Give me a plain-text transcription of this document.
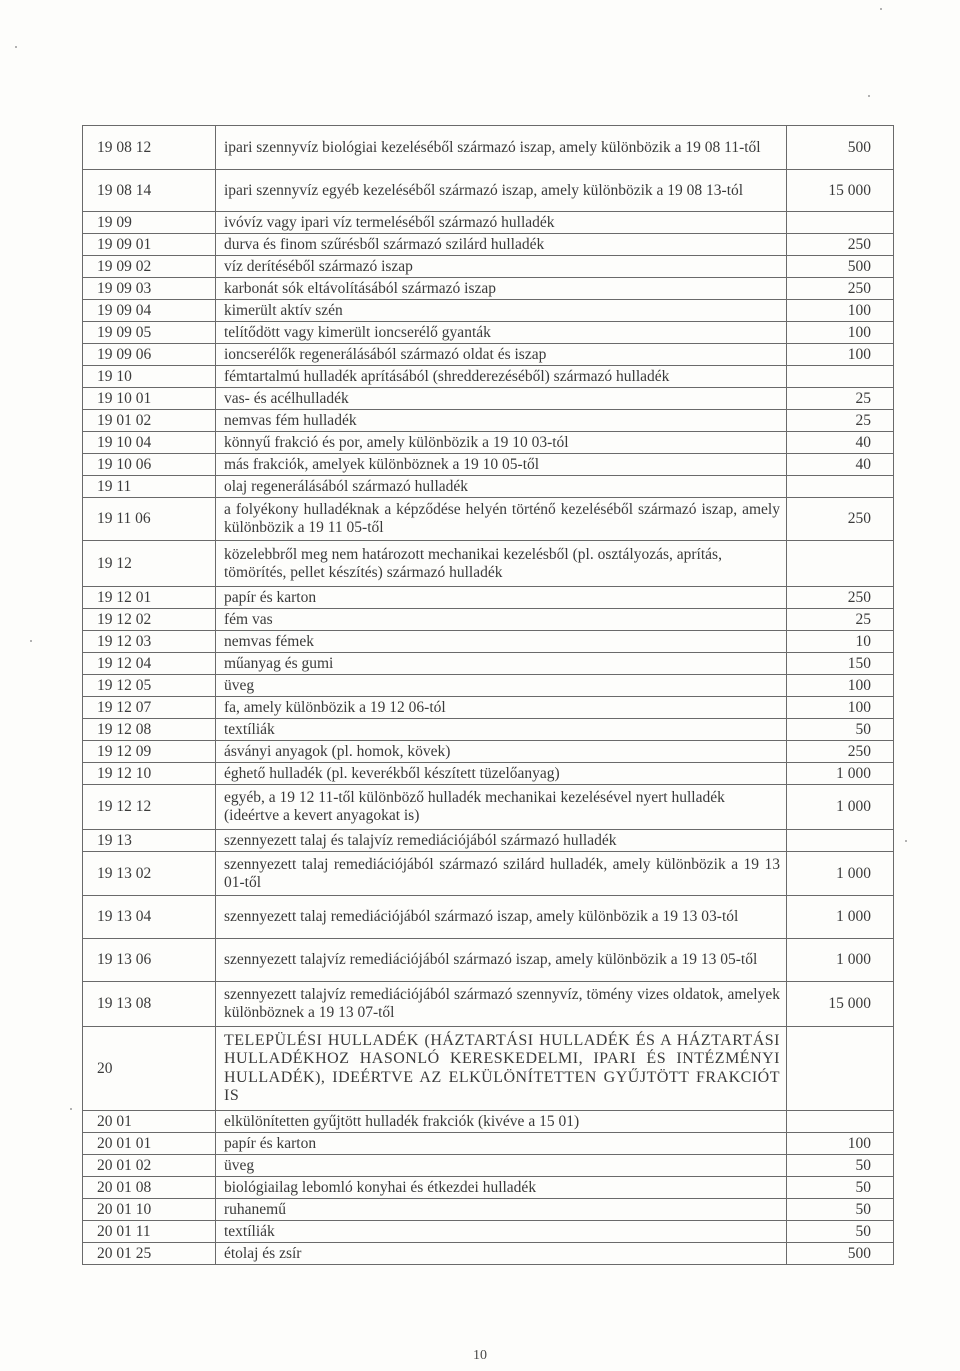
19 08 12	ipari szennyvíz biológiai kezeléséből származó iszap, amely különbözik a 19 08 11-től	500
19 08 14	ipari szennyvíz egyéb kezeléséből származó iszap, amely különbözik a 19 08 13-tól	15 000
19 09	ivóvíz vagy ipari víz termeléséből származó hulladék	
19 09 01	durva és finom szűrésből származó szilárd hulladék	250
19 09 02	víz derítéséből származó iszap	500
19 09 03	karbonát sók eltávolításából származó iszap	250
19 09 04	kimerült aktív szén	100
19 09 05	telítődött vagy kimerült ioncserélő gyanták	100
19 09 06	ioncserélők regenerálásából származó oldat és iszap	100
19 10	fémtartalmú hulladék aprításából (shredderezéséből) származó hulladék	
19 10 01	vas- és acélhulladék	25
19 01 02	nemvas fém hulladék	25
19 10 04	könnyű frakció és por, amely különbözik a 19 10 03-tól	40
19 10 06	más frakciók, amelyek különböznek a 19 10 05-től	40
19 11	olaj regenerálásából származó hulladék	
19 11 06	a folyékony hulladéknak a képződése helyén történő kezeléséből származó iszap, amely különbözik a 19 11 05-től	250
19 12	közelebbről meg nem határozott mechanikai kezelésből (pl. osztályozás, aprítás, tömörítés, pellet készítés) származó hulladék	
19 12 01	papír és karton	250
19 12 02	fém vas	25
19 12 03	nemvas fémek	10
19 12 04	műanyag és gumi	150
19 12 05	üveg	100
19 12 07	fa, amely különbözik a 19 12 06-tól	100
19 12 08	textíliák	50
19 12 09	ásványi anyagok (pl. homok, kövek)	250
19 12 10	éghető hulladék (pl. keverékből készített tüzelőanyag)	1 000
19 12 12	egyéb, a 19 12 11-től különböző hulladék mechanikai kezelésével nyert hulladék (ideértve a kevert anyagokat is)	1 000
19 13	szennyezett talaj és talajvíz remediációjából származó hulladék	
19 13 02	szennyezett talaj remediációjából származó szilárd hulladék, amely különbözik a 19 13 01-től	1 000
19 13 04	szennyezett talaj remediációjából származó iszap, amely különbözik a 19 13 03-tól	1 000
19 13 06	szennyezett talajvíz remediációjából származó iszap, amely különbözik a 19 13 05-től	1 000
19 13 08	szennyezett talajvíz remediációjából származó szennyvíz, tömény vizes oldatok, amelyek különböznek a 19 13 07-től	15 000
20	TELEPÜLÉSI HULLADÉK (HÁZTARTÁSI HULLADÉK ÉS A HÁZTARTÁSI HULLADÉKHOZ HASONLÓ KERESKEDELMI, IPARI ÉS INTÉZMÉNYI HULLADÉK), IDEÉRTVE AZ ELKÜLÖNÍTETTEN GYŰJTÖTT FRAKCIÓT IS	
20 01	elkülönítetten gyűjtött hulladék frakciók (kivéve a 15 01)	
20 01 01	papír és karton	100
20 01 02	üveg	50
20 01 08	biológiailag lebomló konyhai és étkezdei hulladék	50
20 01 10	ruhanemű	50
20 01 11	textíliák	50
20 01 25	étolaj és zsír	500
10
